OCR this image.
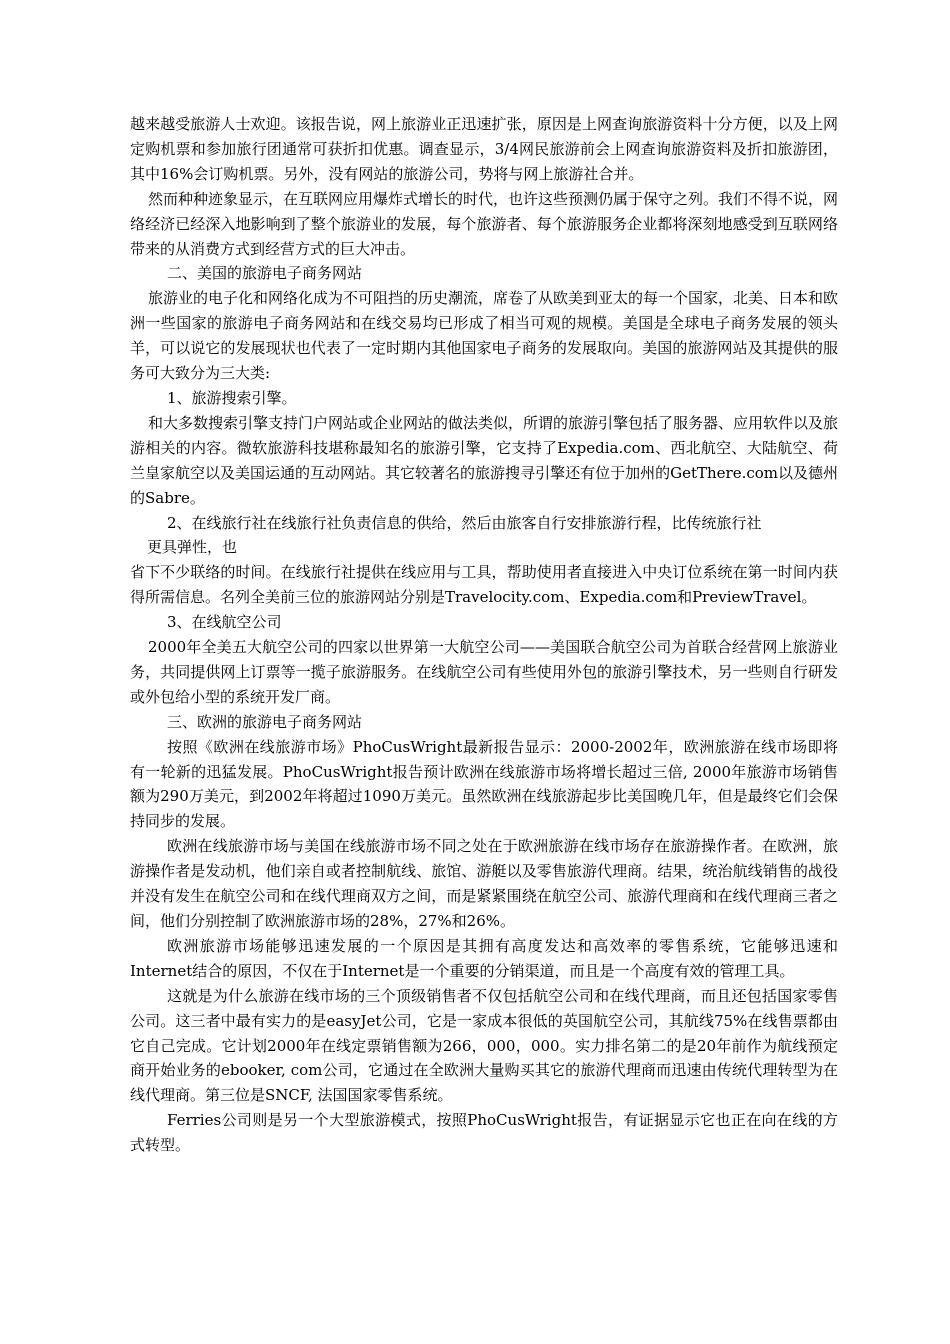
越来越受旅游人士欢迎。该报告说，网上旅游业正迅速扩张，原因是上网查询旅游资料十分方便，以及上网定购机票和参加旅行团通常可获折扣优惠。调查显示，3/4网民旅游前会上网查询旅游资料及折扣旅游团，其中16%会订购机票。另外，没有网站的旅游公司，势将与网上旅游社合并。

然而种种迹象显示，在互联网应用爆炸式增长的时代，也许这些预测仍属于保守之列。我们不得不说，网络经济已经深入地影响到了整个旅游业的发展，每个旅游者、每个旅游服务企业都将深刻地感受到互联网络带来的从消费方式到经营方式的巨大冲击。

二、美国的旅游电子商务网站

旅游业的电子化和网络化成为不可阻挡的历史潮流，席卷了从欧美到亚太的每一个国家，北美、日本和欧洲一些国家的旅游电子商务网站和在线交易均已形成了相当可观的规模。美国是全球电子商务发展的领头羊，可以说它的发展现状也代表了一定时期内其他国家电子商务的发展取向。美国的旅游网站及其提供的服务可大致分为三大类:

1、旅游搜索引擎。

和大多数搜索引擎支持门户网站或企业网站的做法类似，所谓的旅游引擎包括了服务器、应用软件以及旅游相关的内容。微软旅游科技堪称最知名的旅游引擎，它支持了Expedia.com、西北航空、大陆航空、荷兰皇家航空以及美国运通的互动网站。其它较著名的旅游搜寻引擎还有位于加州的GetThere.com以及德州的Sabre。

2、在线旅行社在线旅行社负责信息的供给，然后由旅客自行安排旅游行程，比传统旅行社

更具弹性，也

省下不少联络的时间。在线旅行社提供在线应用与工具，帮助使用者直接进入中央订位系统在第一时间内获得所需信息。名列全美前三位的旅游网站分别是Travelocity.com、Expedia.com和PreviewTravel。

3、在线航空公司

2000年全美五大航空公司的四家以世界第一大航空公司——美国联合航空公司为首联合经营网上旅游业务，共同提供网上订票等一揽子旅游服务。在线航空公司有些使用外包的旅游引擎技术，另一些则自行研发或外包给小型的系统开发厂商。

三、欧洲的旅游电子商务网站

按照《欧洲在线旅游市场》PhoCusWright最新报告显示：2000-2002年，欧洲旅游在线市场即将有一轮新的迅猛发展。PhoCusWright报告预计欧洲在线旅游市场将增长超过三倍, 2000年旅游市场销售额为290万美元，到2002年将超过1090万美元。虽然欧洲在线旅游起步比美国晚几年，但是最终它们会保持同步的发展。

欧洲在线旅游市场与美国在线旅游市场不同之处在于欧洲旅游在线市场存在旅游操作者。在欧洲，旅游操作者是发动机，他们亲自或者控制航线、旅馆、游艇以及零售旅游代理商。结果，统治航线销售的战役并没有发生在航空公司和在线代理商双方之间，而是紧紧围绕在航空公司、旅游代理商和在线代理商三者之间，他们分别控制了欧洲旅游市场的28%，27%和26%。

欧洲旅游市场能够迅速发展的一个原因是其拥有高度发达和高效率的零售系统，它能够迅速和Internet结合的原因，不仅在于Internet是一个重要的分销渠道，而且是一个高度有效的管理工具。

这就是为什么旅游在线市场的三个顶级销售者不仅包括航空公司和在线代理商，而且还包括国家零售公司。这三者中最有实力的是easyJet公司，它是一家成本很低的英国航空公司，其航线75%在线售票都由它自己完成。它计划2000年在线定票销售额为266，000，000。实力排名第二的是20年前作为航线预定商开始业务的ebooker, com公司，它通过在全欧洲大量购买其它的旅游代理商而迅速由传统代理转型为在线代理商。第三位是SNCF, 法国国家零售系统。

Ferries公司则是另一个大型旅游模式，按照PhoCusWright报告，有证据显示它也正在向在线的方式转型。
